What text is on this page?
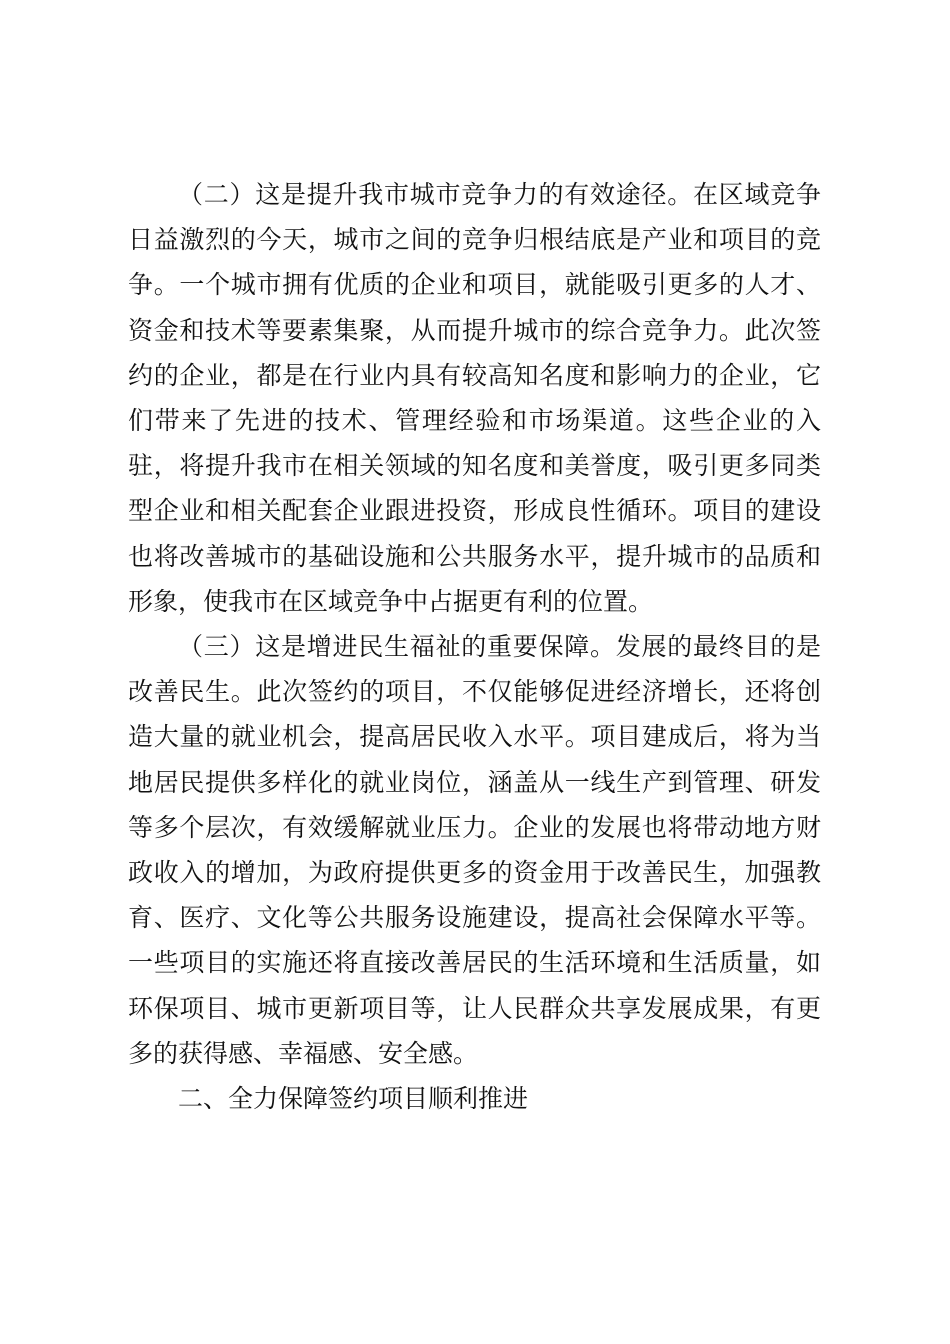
（二）这是提升我市城市竞争力的有效途径。在区域竞争日益激烈的今天，城市之间的竞争归根结底是产业和项目的竞争。一个城市拥有优质的企业和项目，就能吸引更多的人才、资金和技术等要素集聚，从而提升城市的综合竞争力。此次签约的企业，都是在行业内具有较高知名度和影响力的企业，它们带来了先进的技术、管理经验和市场渠道。这些企业的入驻，将提升我市在相关领域的知名度和美誉度，吸引更多同类型企业和相关配套企业跟进投资，形成良性循环。项目的建设也将改善城市的基础设施和公共服务水平，提升城市的品质和形象，使我市在区域竞争中占据更有利的位置。

（三）这是增进民生福祉的重要保障。发展的最终目的是改善民生。此次签约的项目，不仅能够促进经济增长，还将创造大量的就业机会，提高居民收入水平。项目建成后，将为当地居民提供多样化的就业岗位，涵盖从一线生产到管理、研发等多个层次，有效缓解就业压力。企业的发展也将带动地方财政收入的增加，为政府提供更多的资金用于改善民生，加强教育、医疗、文化等公共服务设施建设，提高社会保障水平等。一些项目的实施还将直接改善居民的生活环境和生活质量，如环保项目、城市更新项目等，让人民群众共享发展成果，有更多的获得感、幸福感、安全感。

二、全力保障签约项目顺利推进
